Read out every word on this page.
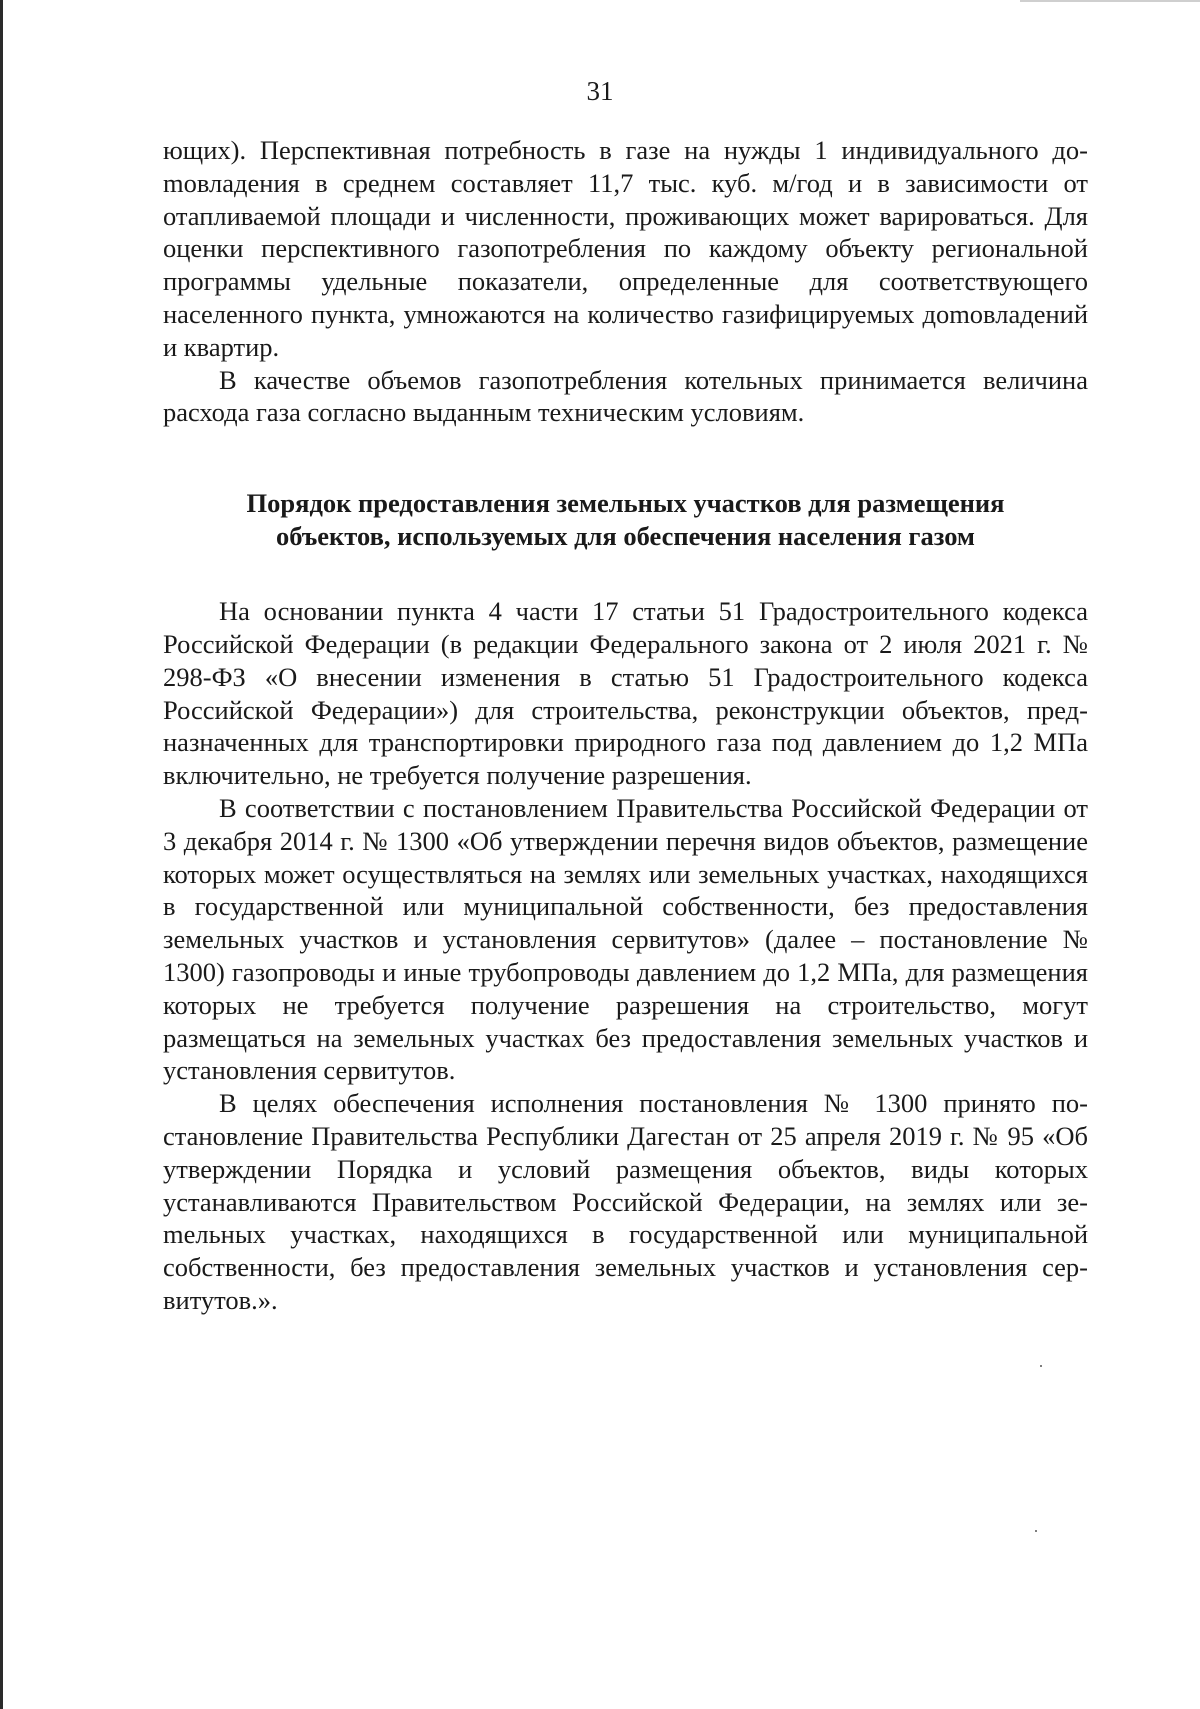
31

ющих). Перспективная потребность в газе на нужды 1 индивидуального доmовладения в среднем составляет 11,7 тыс. куб. м/год и в зависимости от отапливаемой площади и численности, проживающих может варироваться. Для оценки перспективного газопотребления по каждому объекту региональной программы удельные показатели, определенные для соответствующего населенного пункта, умножаются на количество газифицируемых доmовладений и квартир.

В качестве объемов газопотребления котельных принимается величина расхода газа согласно выданным техническим условиям.

Порядок предоставления земельных участков для размещения
объектов, используемых для обеспечения населения газом

На основании пункта 4 части 17 статьи 51 Градостроительного кодекса Российской Федерации (в редакции Федерального закона от 2 июля 2021 г. № 298-ФЗ «О внесении изменения в статью 51 Градостроительного кодекса Российской Федерации») для строительства, реконструкции объектов, предназначенных для транспортировки природного газа под давлением до 1,2 МПа включительно, не требуется получение разрешения.

В соответствии с постановлением Правительства Российской Федерации от 3 декабря 2014 г. № 1300 «Об утверждении перечня видов объектов, размещение которых может осуществляться на землях или земельных участках, находящихся в государственной или муниципальной собственности, без предоставления земельных участков и установления сервитутов» (далее – постановление № 1300) газопроводы и иные трубопроводы давлением до 1,2 МПа, для размещения которых не требуется получение разрешения на строительство, могут размещаться на земельных участках без предоставления земельных участков и установления сервитутов.

В целях обеспечения исполнения постановления № 1300 принято постановление Правительства Республики Дагестан от 25 апреля 2019 г. № 95 «Об утверждении Порядка и условий размещения объектов, виды которых устанавливаются Правительством Российской Федерации, на землях или зеmельных участках, находящихся в государственной или муниципальной собственности, без предоставления земельных участков и установления сервитутов.».
